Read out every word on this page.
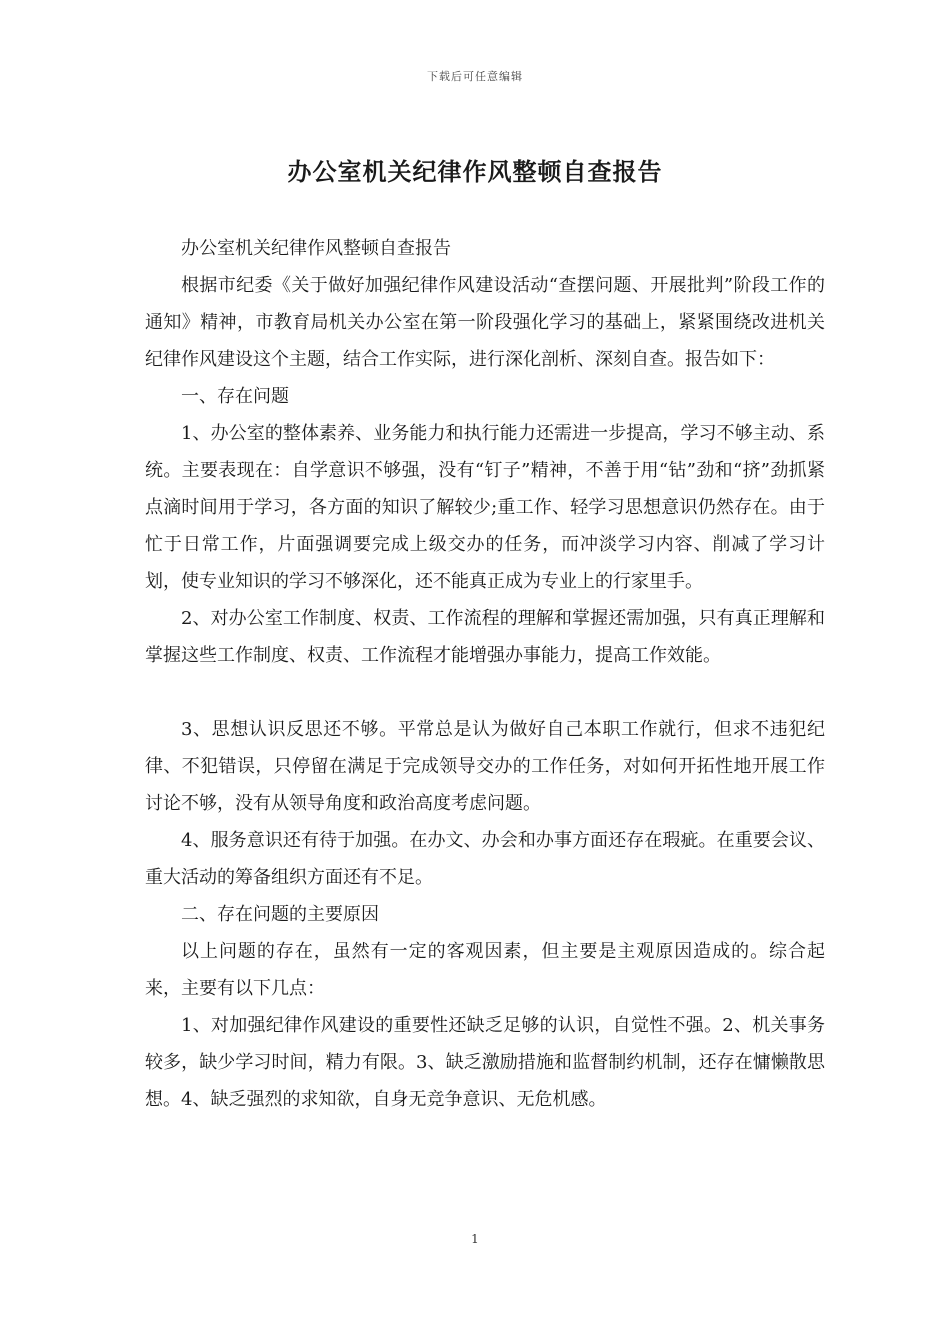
下载后可任意编辑
办公室机关纪律作风整顿自查报告

办公室机关纪律作风整顿自查报告

根据市纪委《关于做好加强纪律作风建设活动“查摆问题、开展批判”阶段工作的通知》精神，市教育局机关办公室在第一阶段强化学习的基础上，紧紧围绕改进机关纪律作风建设这个主题，结合工作实际，进行深化剖析、深刻自查。报告如下：

一、存在问题

1、办公室的整体素养、业务能力和执行能力还需进一步提高，学习不够主动、系统。主要表现在：自学意识不够强，没有“钉子”精神，不善于用“钻”劲和“挤”劲抓紧点滴时间用于学习，各方面的知识了解较少;重工作、轻学习思想意识仍然存在。由于忙于日常工作，片面强调要完成上级交办的任务，而冲淡学习内容、削减了学习计划，使专业知识的学习不够深化，还不能真正成为专业上的行家里手。

2、对办公室工作制度、权责、工作流程的理解和掌握还需加强，只有真正理解和掌握这些工作制度、权责、工作流程才能增强办事能力，提高工作效能。

3、思想认识反思还不够。平常总是认为做好自己本职工作就行，但求不违犯纪律、不犯错误，只停留在满足于完成领导交办的工作任务，对如何开拓性地开展工作讨论不够，没有从领导角度和政治高度考虑问题。

4、服务意识还有待于加强。在办文、办会和办事方面还存在瑕疵。在重要会议、重大活动的筹备组织方面还有不足。

二、存在问题的主要原因

以上问题的存在，虽然有一定的客观因素，但主要是主观原因造成的。综合起来，主要有以下几点：

1、对加强纪律作风建设的重要性还缺乏足够的认识，自觉性不强。2、机关事务较多，缺少学习时间，精力有限。3、缺乏激励措施和监督制约机制，还存在慵懒散思想。4、缺乏强烈的求知欲，自身无竞争意识、无危机感。

1
